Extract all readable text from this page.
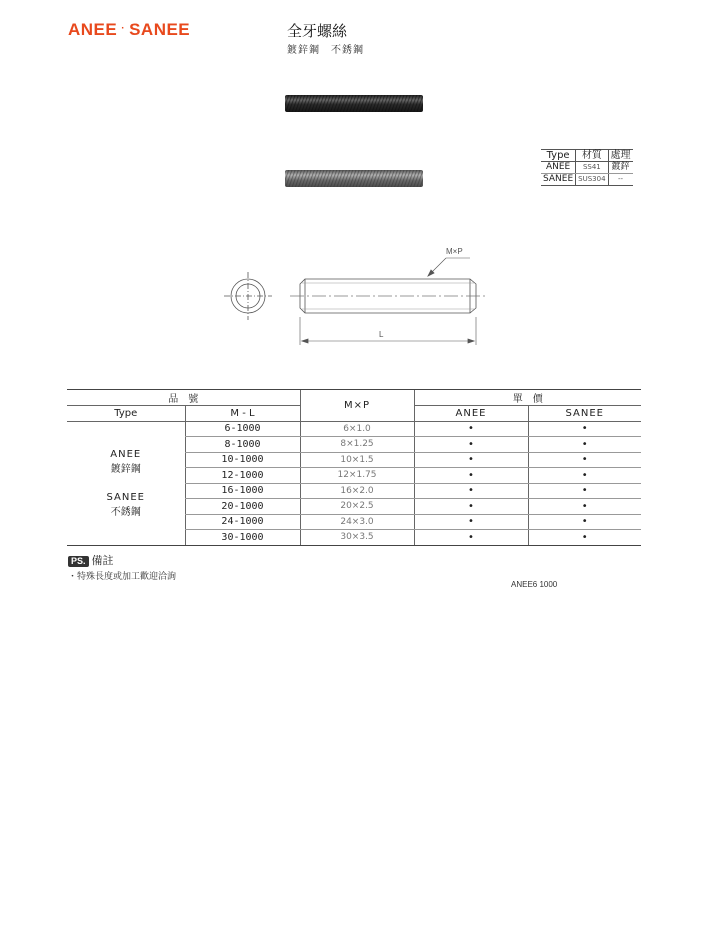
ANEE · SANEE	全牙螺絲
鍍鋅鋼　不銹鋼
Type	材質	處理
ANEE	SS41	鍍鋅
SANEE	SUS304	--
M×P
L
品　號		M×P	單　價	
Type	M - L		ANEE	SANEE

ANEE
鍍鋅鋼
SANEE
不銹鋼	6-1000	6×1.0	•	•
	8-1000	8×1.25	•	•
	10-1000	10×1.5	•	•
	12-1000	12×1.75	•	•
	16-1000	16×2.0	•	•
	20-1000	20×2.5	•	•
	24-1000	24×3.0	•	•
	30-1000	30×3.5	•	•
PS. 備註
・特殊長度或加工歡迎洽詢
ANEE6 1000
